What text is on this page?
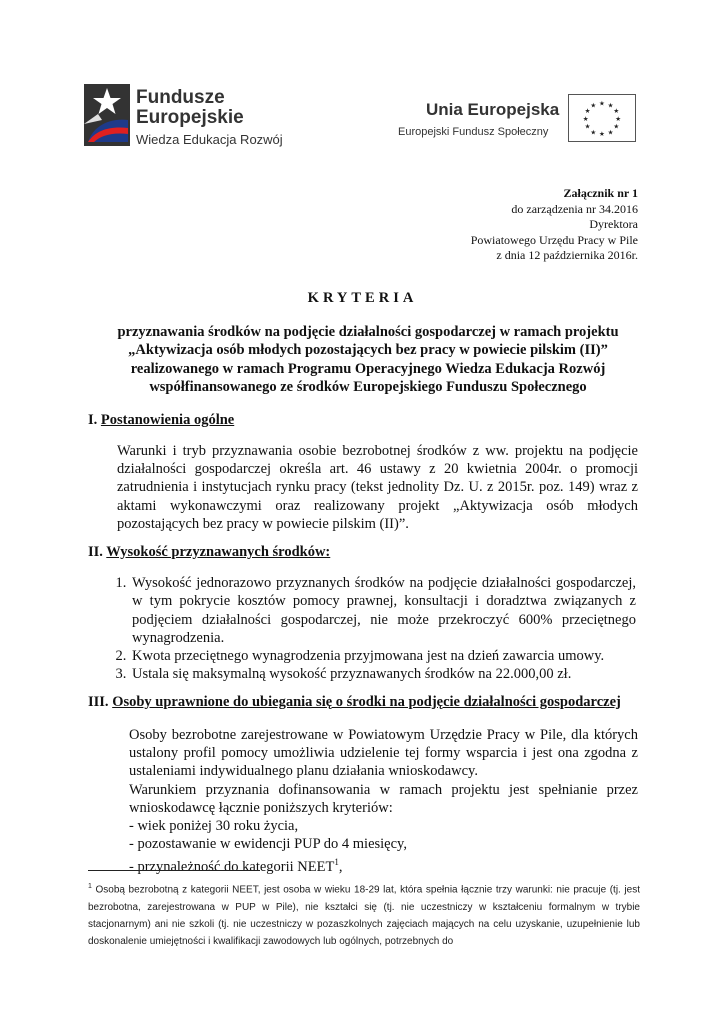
Fundusze
Europejskie
Wiedza Edukacja Rozwój
Unia Europejska
Europejski Fundusz Społeczny
★ ★
★
★
★
★
★
★
★
★
★
★
Załącznik nr 1
do zarządzenia nr 34.2016
Dyrektora
Powiatowego Urzędu Pracy w Pile
z dnia 12 października 2016r.
KRYTERIA
przyznawania środków na podjęcie działalności gospodarczej w ramach projektu
„Aktywizacja osób młodych pozostających bez pracy w powiecie pilskim (II)”
realizowanego w ramach Programu Operacyjnego Wiedza Edukacja Rozwój
współfinansowanego ze środków Europejskiego Funduszu Społecznego
I. Postanowienia ogólne
Warunki i tryb przyznawania osobie bezrobotnej środków z ww. projektu na podjęcie działalności gospodarczej określa art. 46 ustawy z 20 kwietnia 2004r. o promocji zatrudnienia i instytucjach rynku pracy (tekst jednolity Dz. U. z 2015r. poz. 149) wraz z aktami wykonawczymi oraz realizowany projekt „Aktywizacja osób młodych pozostających bez pracy w powiecie pilskim (II)”.
II. Wysokość przyznawanych środków:
1. Wysokość jednorazowo przyznanych środków na podjęcie działalności gospodarczej, w tym pokrycie kosztów pomocy prawnej, konsultacji i doradztwa związanych z podjęciem działalności gospodarczej, nie może przekroczyć 600% przeciętnego wynagrodzenia.
2. Kwota przeciętnego wynagrodzenia przyjmowana jest na dzień zawarcia umowy.
3. Ustala się maksymalną wysokość przyznawanych środków na 22.000,00 zł.
III. Osoby uprawnione do ubiegania się o środki na podjęcie działalności gospodarczej
Osoby bezrobotne zarejestrowane w Powiatowym Urzędzie Pracy w Pile, dla których ustalony profil pomocy umożliwia udzielenie tej formy wsparcia i jest ona zgodna z ustaleniami indywidualnego planu działania wnioskodawcy.
Warunkiem przyznania dofinansowania w ramach projektu jest spełnianie przez wnioskodawcę łącznie poniższych kryteriów:
- wiek poniżej 30 roku życia,
- pozostawanie w ewidencji PUP do 4 miesięcy,
- przynależność do kategorii NEET$^1$,
$^1$ Osobą bezrobotną z kategorii NEET, jest osoba w wieku 18-29 lat, która spełnia łącznie trzy warunki: nie pracuje (tj. jest bezrobotna, zarejestrowana w PUP w Pile), nie kształci się (tj. nie uczestniczy w kształceniu formalnym w trybie stacjonarnym) ani nie szkoli (tj. nie uczestniczy w pozaszkolnych zajęciach mających na celu uzyskanie, uzupełnienie lub doskonalenie umiejętności i kwalifikacji zawodowych lub ogólnych, potrzebnych do
